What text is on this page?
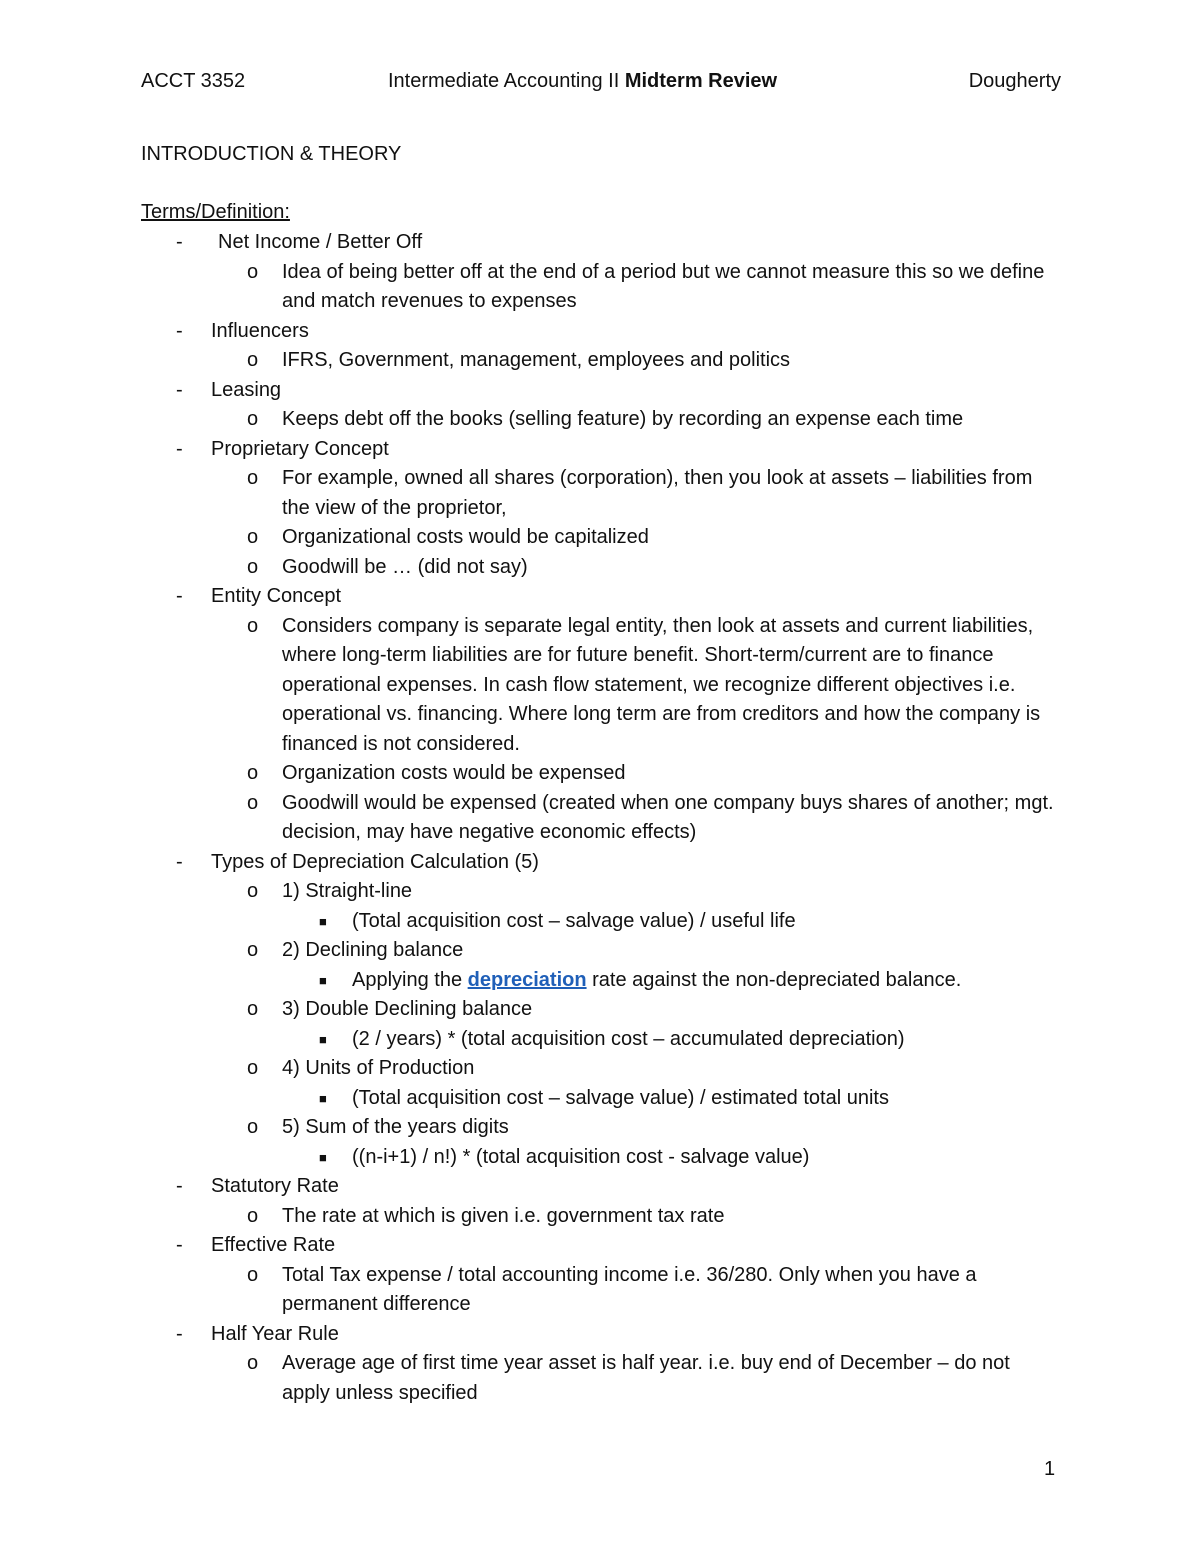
ACCT 3352	Intermediate Accounting II Midterm Review	Dougherty
INTRODUCTION & THEORY
Terms/Definition:
- Net Income / Better Off
o Idea of being better off at the end of a period but we cannot measure this so we define and match revenues to expenses
- Influencers
o IFRS, Government, management, employees and politics
- Leasing
o Keeps debt off the books (selling feature) by recording an expense each time
- Proprietary Concept
o For example, owned all shares (corporation), then you look at assets – liabilities from the view of the proprietor,
o Organizational costs would be capitalized
o Goodwill be … (did not say)
- Entity Concept
o Considers company is separate legal entity, then look at assets and current liabilities, where long-term liabilities are for future benefit. Short-term/current are to finance operational expenses. In cash flow statement, we recognize different objectives i.e. operational vs. financing. Where long term are from creditors and how the company is financed is not considered.
o Organization costs would be expensed
o Goodwill would be expensed (created when one company buys shares of another; mgt. decision, may have negative economic effects)
- Types of Depreciation Calculation (5)
o 1) Straight-line
■ (Total acquisition cost – salvage value) / useful life
o 2) Declining balance
■ Applying the depreciation rate against the non-depreciated balance.
o 3) Double Declining balance
■ (2 / years) * (total acquisition cost – accumulated depreciation)
o 4) Units of Production
■ (Total acquisition cost – salvage value) / estimated total units
o 5) Sum of the years digits
■ ((n-i+1) / n!) * (total acquisition cost - salvage value)
- Statutory Rate
o The rate at which is given i.e. government tax rate
- Effective Rate
o Total Tax expense / total accounting income i.e. 36/280. Only when you have a permanent difference
- Half Year Rule
o Average age of first time year asset is half year. i.e. buy end of December – do not apply unless specified
1
